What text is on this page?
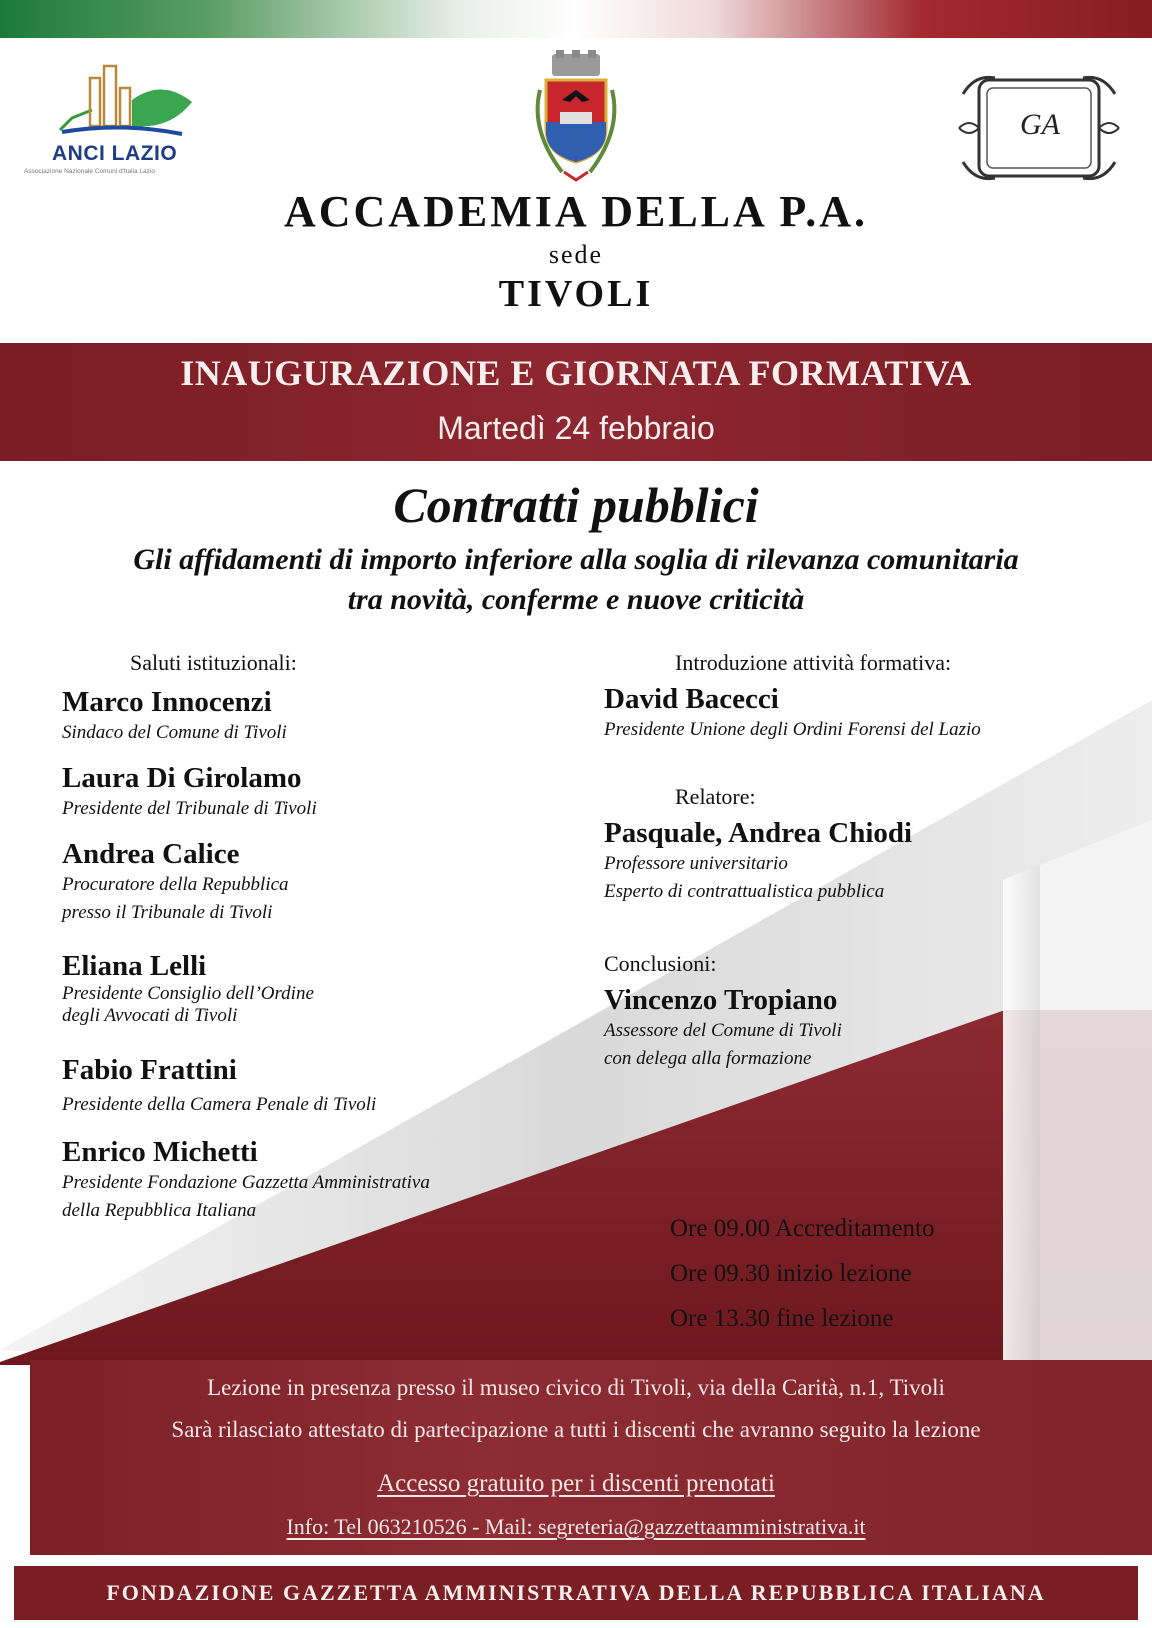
ANCI LAZIO
Associazione Nazionale Comuni d'Italia Lazio
GA
ACCADEMIA DELLA P.A.
sede
TIVOLI
INAUGURAZIONE E GIORNATA FORMATIVA
Martedì 24 febbraio
Contratti pubblici
Gli affidamenti di importo inferiore alla soglia di rilevanza comunitaria
tra novità, conferme e nuove criticità
Saluti istituzionali:
Marco Innocenzi
Sindaco del Comune di Tivoli
Laura Di Girolamo
Presidente del Tribunale di Tivoli
Andrea Calice
Procuratore della Repubblica
presso il Tribunale di Tivoli
Eliana Lelli
Presidente Consiglio dell’Ordine
degli Avvocati di Tivoli
Fabio Frattini
Presidente della Camera Penale di Tivoli
Enrico Michetti
Presidente Fondazione Gazzetta Amministrativa
della Repubblica Italiana
Introduzione attività formativa:
David Bacecci
Presidente Unione degli Ordini Forensi del Lazio
Relatore:
Pasquale, Andrea Chiodi
Professore universitario
Esperto di contrattualistica pubblica
Conclusioni:
Vincenzo Tropiano
Assessore del Comune di Tivoli
con delega alla formazione
Ore 09.00 Accreditamento
Ore 09.30 inizio lezione
Ore 13.30 fine lezione
Lezione in presenza presso il museo civico di Tivoli, via della Carità, n.1, Tivoli
Sarà rilasciato attestato di partecipazione a tutti i discenti che avranno seguito la lezione
Accesso gratuito per i discenti prenotati
Info: Tel 063210526 - Mail: segreteria@gazzettaamministrativa.it
FONDAZIONE GAZZETTA AMMINISTRATIVA DELLA REPUBBLICA ITALIANA
